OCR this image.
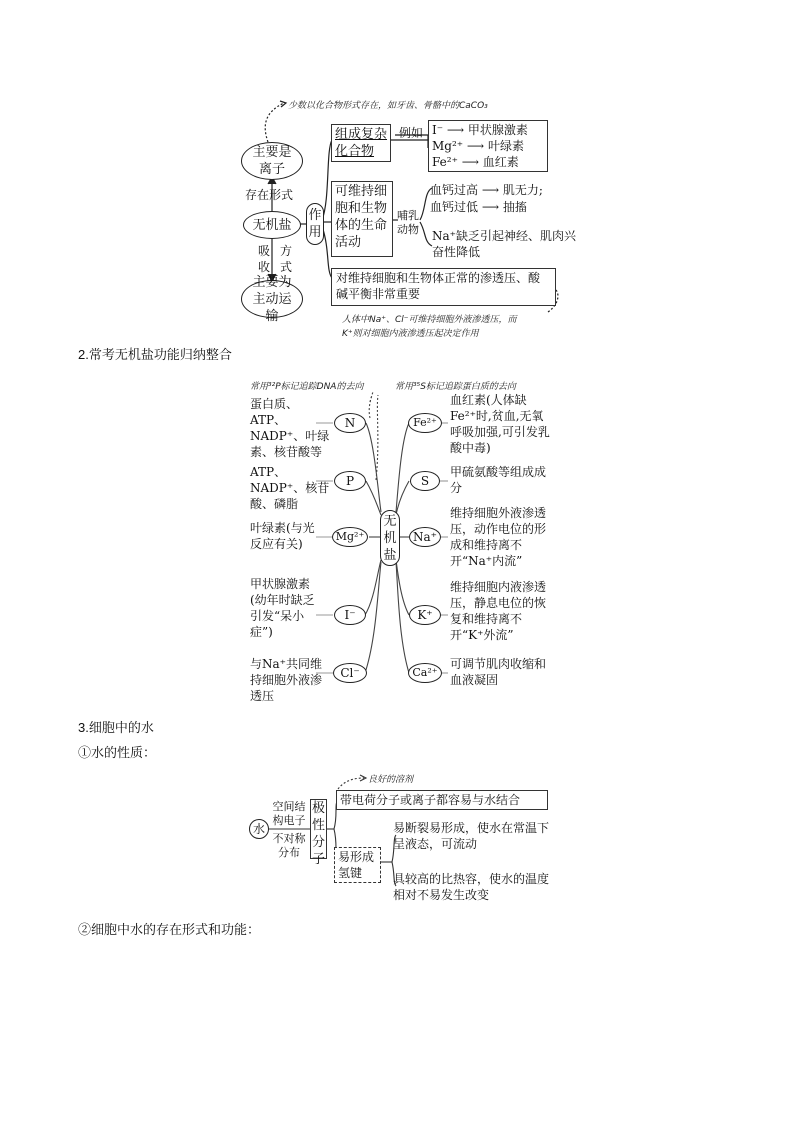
少数以化合物形式存在，如牙齿、骨骼中的CaCO₃
主要是离子
存在形式
无机盐
吸收
方式
主要为主动运输
作用
组成复杂化合物
例如 I⁻ ⟶ 甲状腺激素
Mg²⁺ ⟶ 叶绿素
Fe²⁺ ⟶ 血红素
可维持细胞和生物体的生命活动
哺乳动物
血钙过高 ⟶ 肌无力;
血钙过低 ⟶ 抽搐
Na⁺缺乏引起神经、肌肉兴奋性降低
对维持细胞和生物体正常的渗透压、酸碱平衡非常重要
人体中Na⁺、Cl⁻可维持细胞外液渗透压，而
K⁺则对细胞内液渗透压起决定作用
2.常考无机盐功能归纳整合
常用³²P标记追踪DNA的去向	常用³⁵S标记追踪蛋白质的去向
无机盐
蛋白质、ATP、NADP⁺、叶绿素、核苷酸等
N
ATP、NADP⁺、核苷酸、磷脂
P
叶绿素(与光反应有关)
Mg²⁺
甲状腺激素(幼年时缺乏引发“呆小症”)
I⁻
与Na⁺共同维持细胞外液渗透压
Cl⁻
Fe²⁺
血红素(人体缺Fe²⁺时,贫血,无氧呼吸加强,可引发乳酸中毒)
S
甲硫氨酸等组成成分
Na⁺
维持细胞外液渗透压，动作电位的形成和维持离不开“Na⁺内流”
K⁺
维持细胞内液渗透压，静息电位的恢复和维持离不开“K⁺外流”
Ca²⁺
可调节肌肉收缩和血液凝固
3.细胞中的水
①水的性质：
良好的溶剂
水
空间结构电子
不对称分布
极性分子
带电荷分子或离子都容易与水结合
易形成氢键
易断裂易形成，使水在常温下呈液态，可流动
具较高的比热容，使水的温度相对不易发生改变
②细胞中水的存在形式和功能：
